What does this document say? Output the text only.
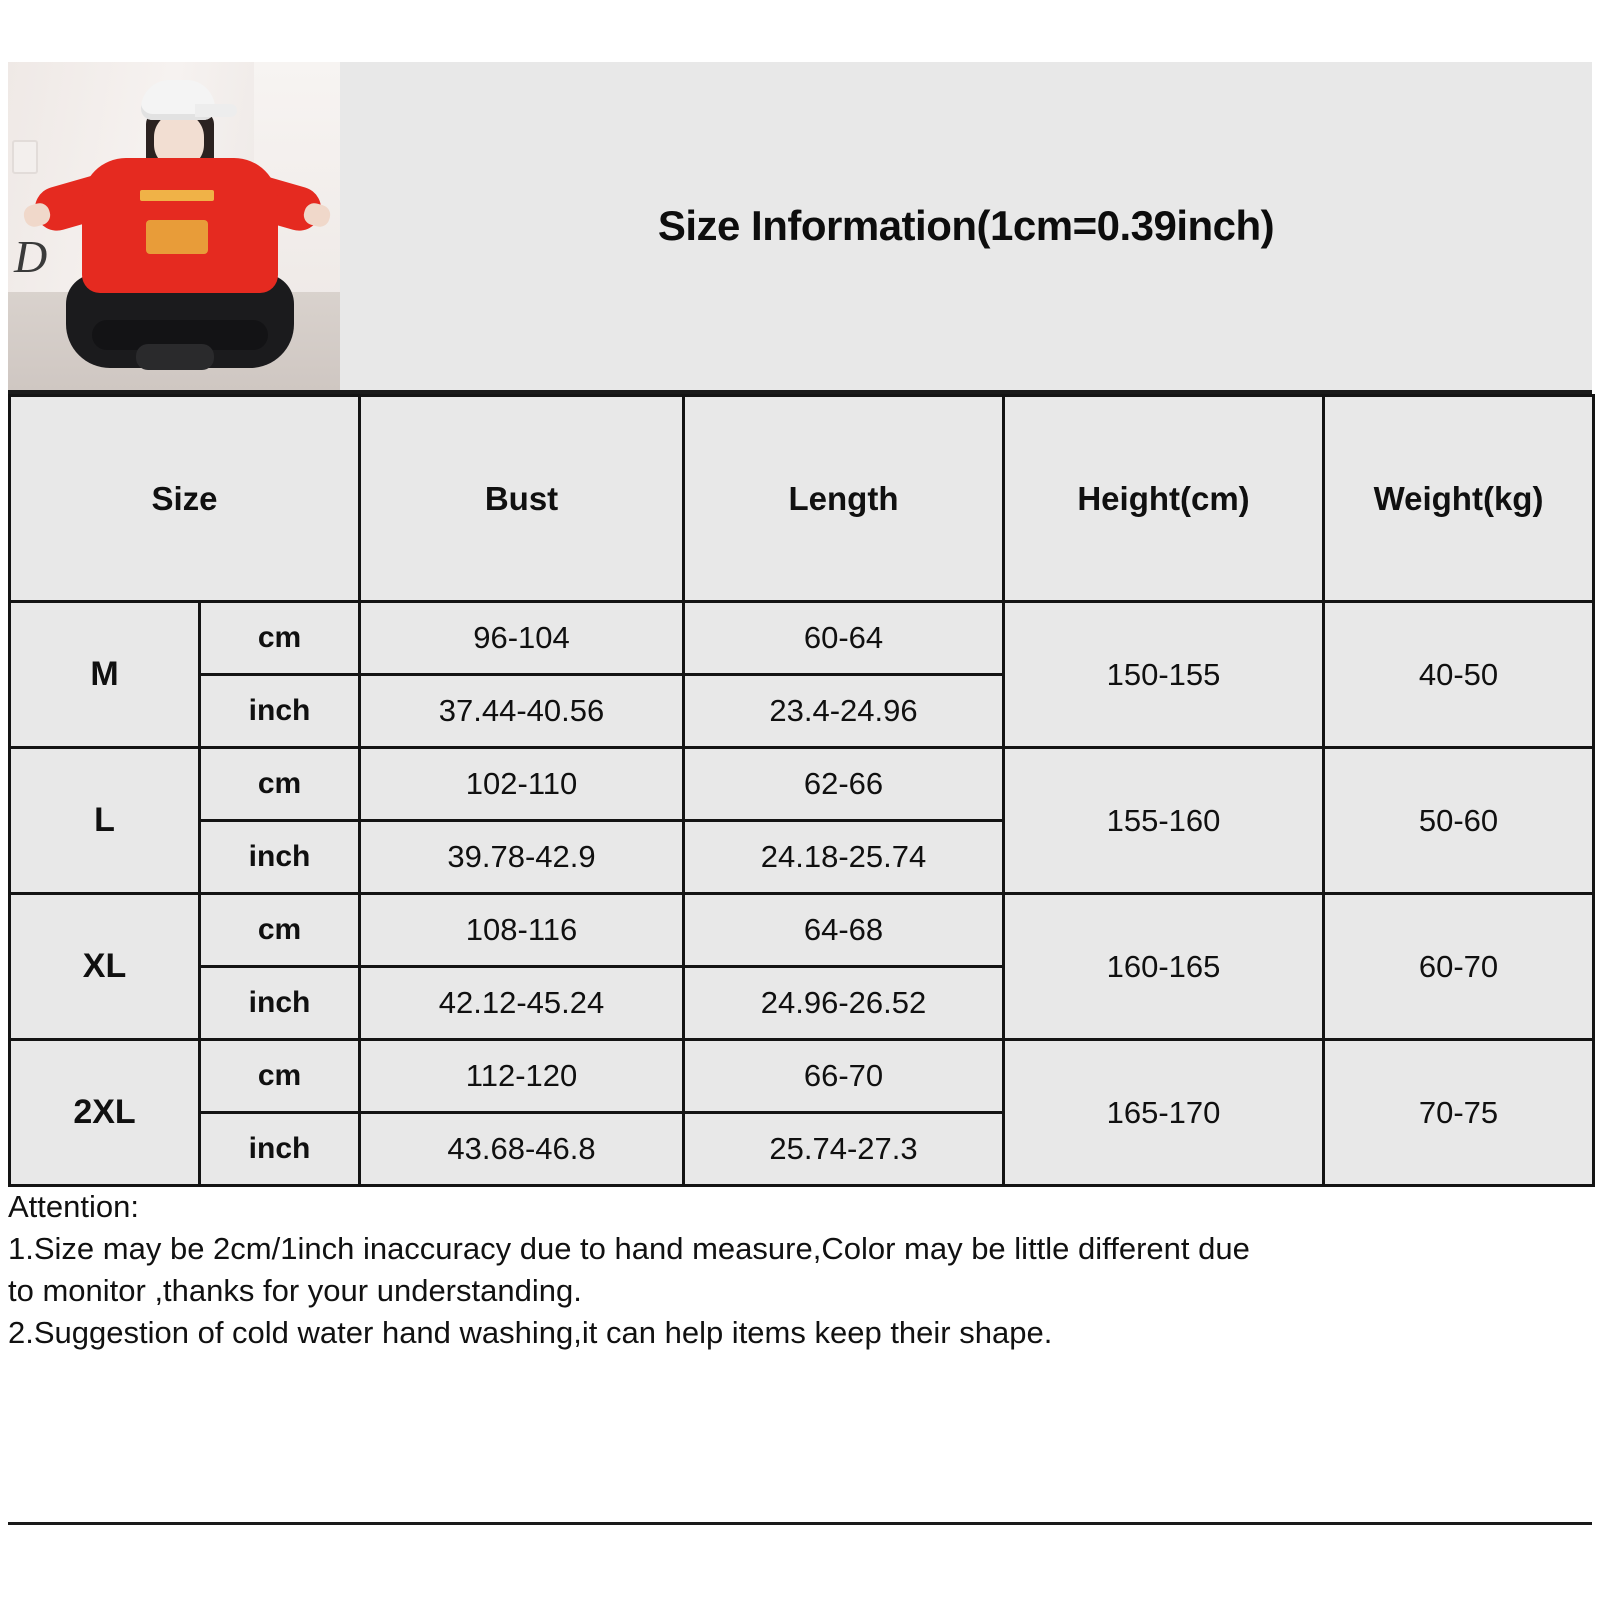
D
Size Information(1cm=0.39inch)
Size		Bust	Length	Height(cm)	Weight(kg)
M	cm	96-104	60-64	150-155	40-50
	inch	37.44-40.56	23.4-24.96		
L	cm	102-110	62-66	155-160	50-60
	inch	39.78-42.9	24.18-25.74		
XL	cm	108-116	64-68	160-165	60-70
	inch	42.12-45.24	24.96-26.52		
2XL	cm	112-120	66-70	165-170	70-75
	inch	43.68-46.8	25.74-27.3		
Attention:
1.Size may be 2cm/1inch inaccuracy due to hand measure,Color may be little different due
to monitor ,thanks for your understanding.
2.Suggestion of cold water hand washing,it can help items keep their shape.
